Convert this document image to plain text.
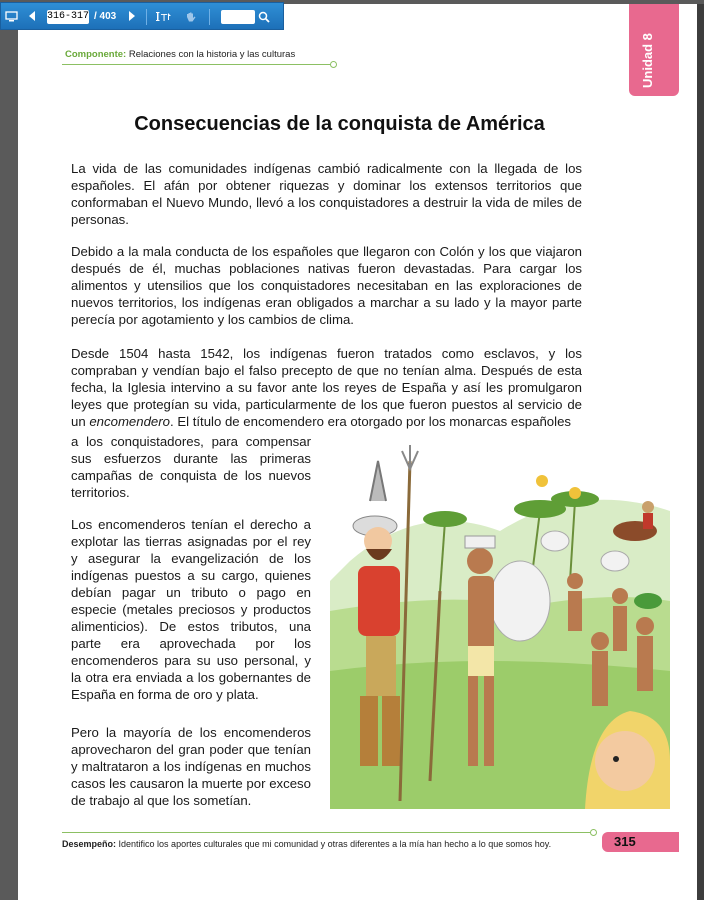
316-317 / 403	T
Unidad 8
Componente: Relaciones con la historia y las culturas
Consecuencias de la conquista de América
La vida de las comunidades indígenas cambió radicalmente con la llegada de los españoles. El afán por obtener riquezas y dominar los extensos territorios que conformaban el Nuevo Mundo, llevó a los conquistadores a destruir la vida de miles de personas.
Debido a la mala conducta de los españoles que llegaron con Colón y los que viajaron después de él, muchas poblaciones nativas fueron devastadas. Para cargar los alimentos y utensilios que los conquistadores necesitaban en las exploraciones de nuevos territorios, los indígenas eran obligados a marchar a su lado y la mayor parte perecía por agotamiento y los cambios de clima.
Desde 1504 hasta 1542, los indígenas fueron tratados como esclavos, y los compraban y vendían bajo el falso precepto de que no tenían alma. Después de esta fecha, la Iglesia intervino a su favor ante los reyes de España y así les promulgaron leyes que protegían su vida, particularmente de los que fueron puestos al servicio de un encomendero. El título de encomendero era otorgado por los monarcas españoles
a los conquistadores, para compensar sus esfuerzos durante las primeras campañas de conquista de los nuevos territorios.
Los encomenderos tenían el derecho a explotar las tierras asignadas por el rey y asegurar la evangelización de los indígenas puestos a su cargo, quienes debían pagar un tributo o pago en especie (metales preciosos y productos alimenticios). De estos tributos, una parte era aprovechada por los encomenderos para su uso personal, y la otra era enviada a los gobernantes de España en forma de oro y plata.
Pero la mayoría de los encomenderos aprovecharon del gran poder que tenían y maltrataron a los indígenas en muchos casos les causaron la muerte por exceso de trabajo al que los sometían.
Desempeño: Identifico los aportes culturales que mi comunidad y otras diferentes a la mía han hecho a lo que somos hoy.	315
